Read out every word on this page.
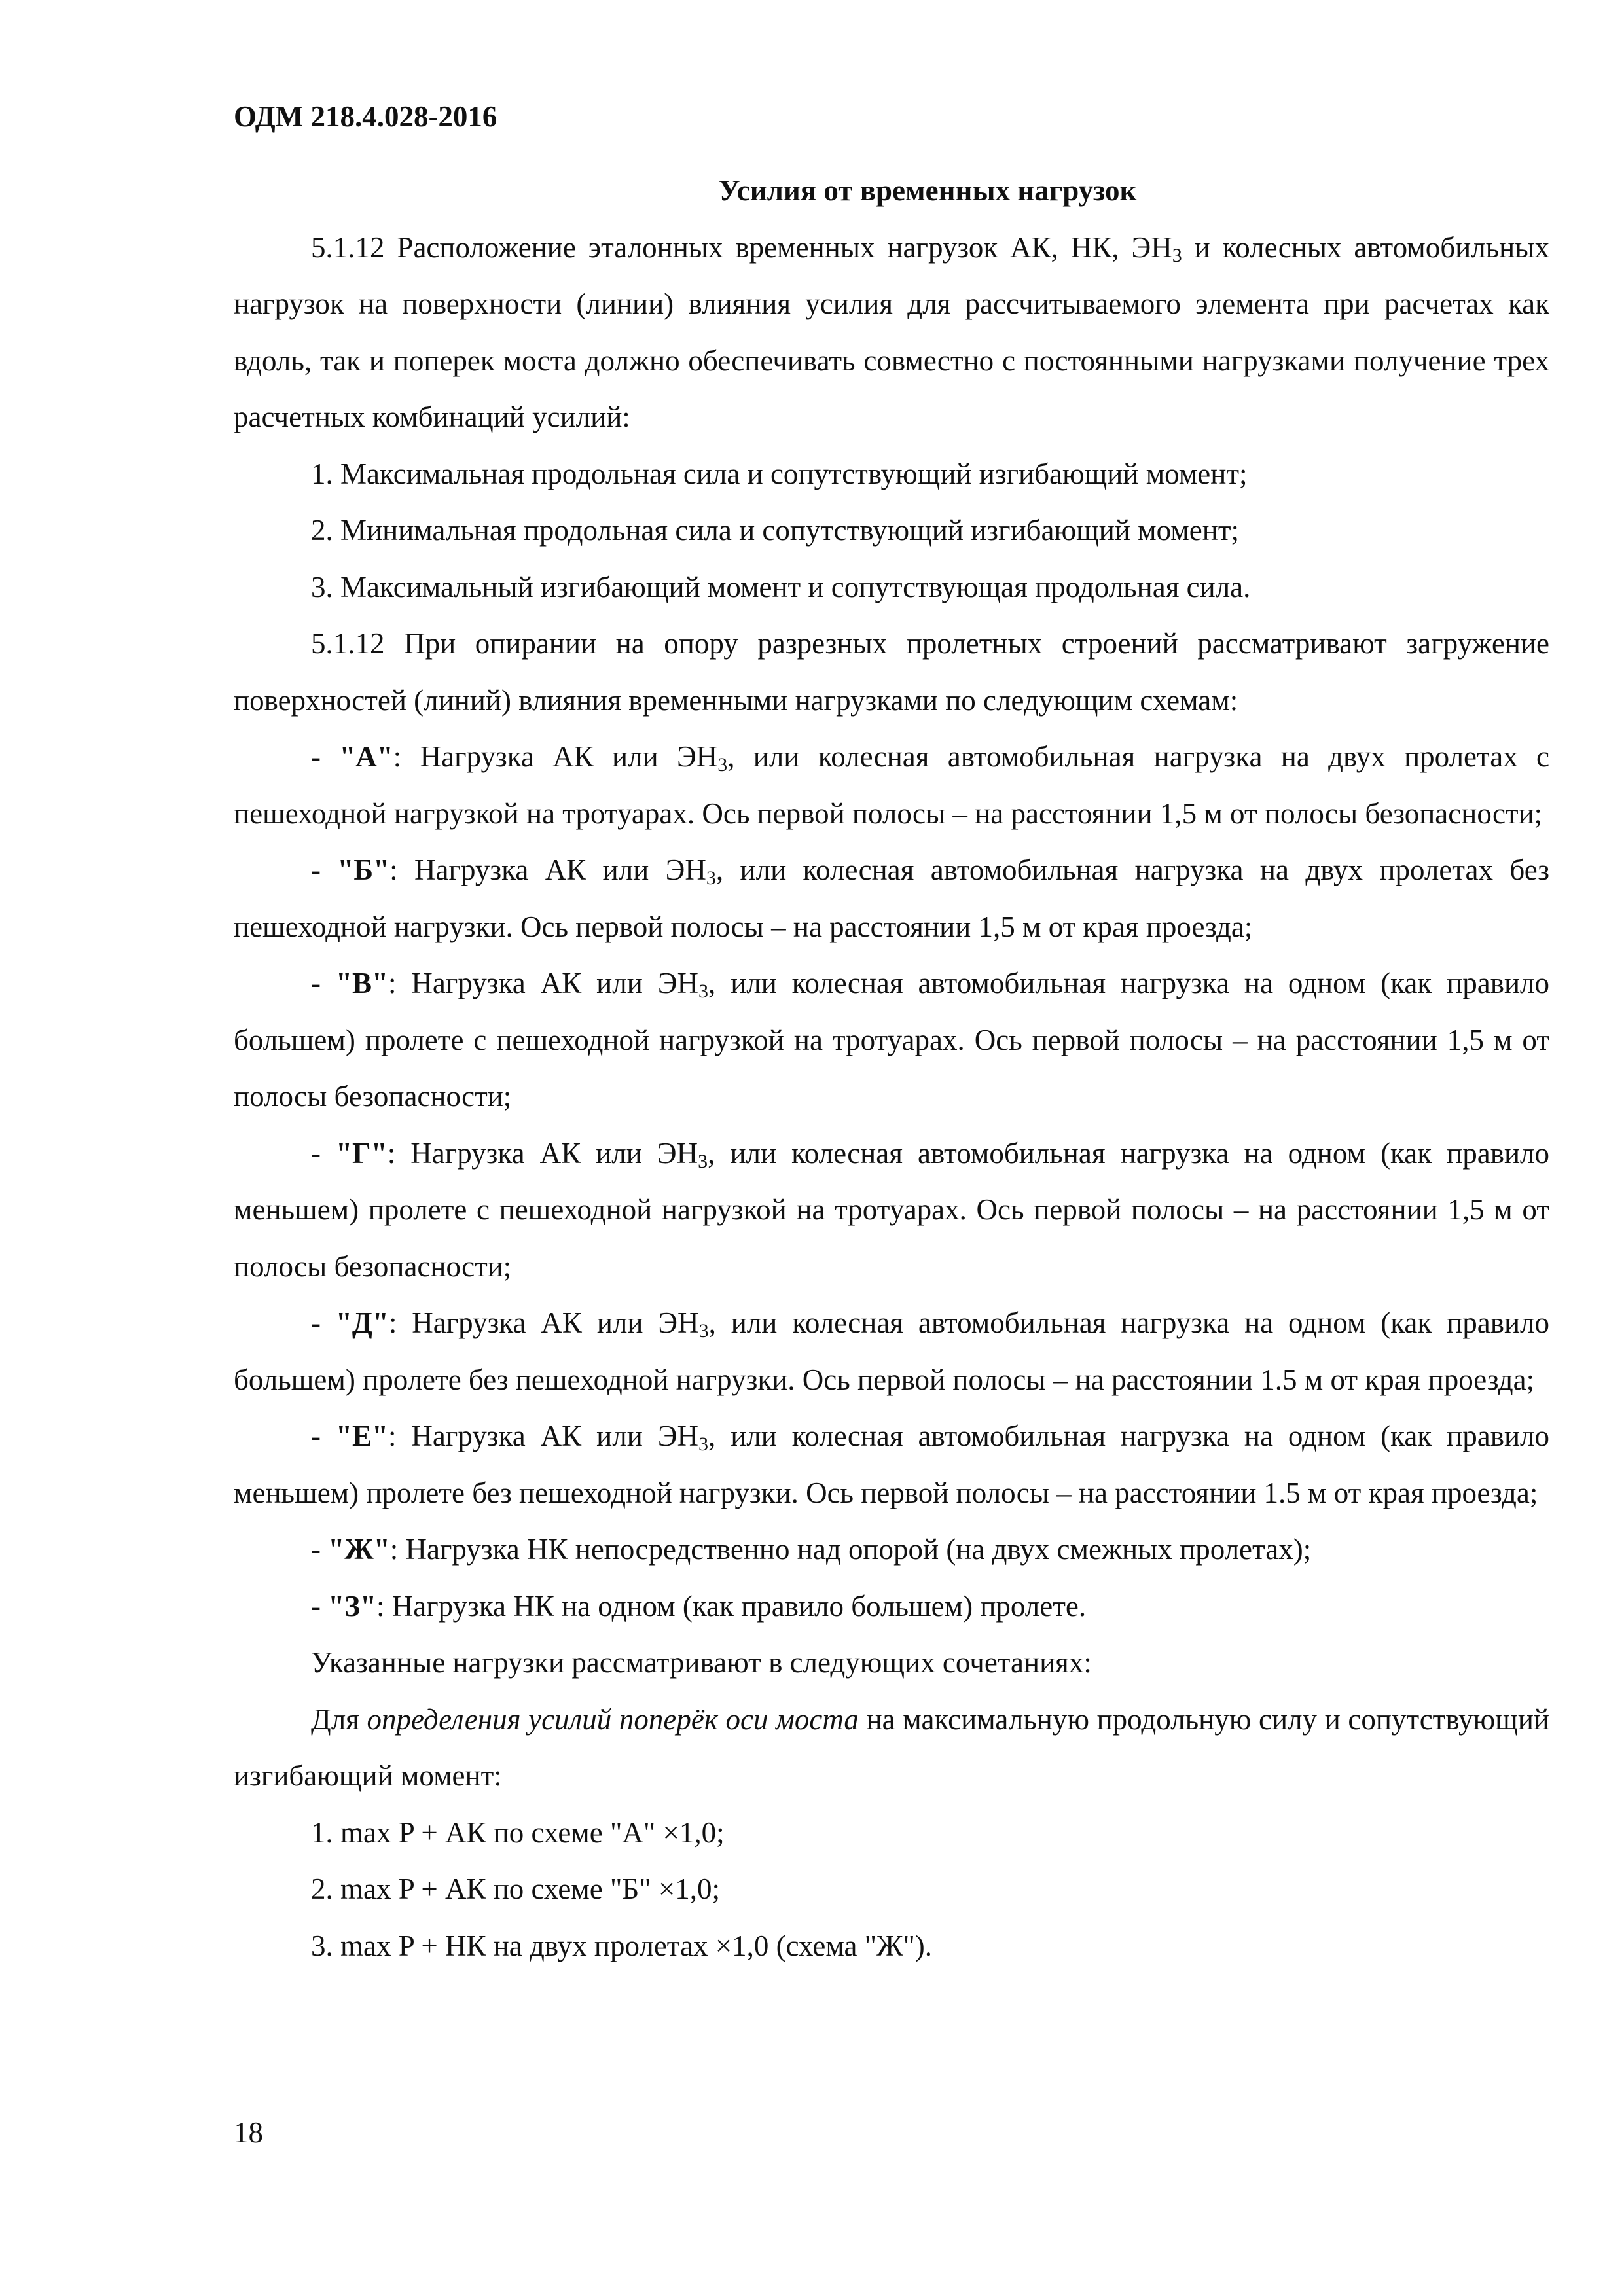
ОДМ 218.4.028-2016

Усилия от временных нагрузок

5.1.12 Расположение эталонных временных нагрузок АК, НК, $ЭН_3$ и колесных автомобильных нагрузок на поверхности (линии) влияния усилия для рассчитываемого элемента при расчетах как вдоль, так и поперек моста должно обеспечивать совместно с постоянными нагрузками получение трех расчетных комбинаций усилий:

1. Максимальная продольная сила и сопутствующий изгибающий момент;

2. Минимальная продольная сила и сопутствующий изгибающий момент;

3. Максимальный изгибающий момент и сопутствующая продольная сила.

5.1.12 При опирании на опору разрезных пролетных строений рассматривают загружение поверхностей (линий) влияния временными нагрузками по следующим схемам:

- "А": Нагрузка АК или $ЭН_3$, или колесная автомобильная нагрузка на двух пролетах с пешеходной нагрузкой на тротуарах. Ось первой полосы – на расстоянии 1,5 м от полосы безопасности;

- "Б": Нагрузка АК или $ЭН_3$, или колесная автомобильная нагрузка на двух пролетах без пешеходной нагрузки. Ось первой полосы – на расстоянии 1,5 м от края проезда;

- "В": Нагрузка АК или $ЭН_3$, или колесная автомобильная нагрузка на одном (как правило большем) пролете с пешеходной нагрузкой на тротуарах. Ось первой полосы – на расстоянии 1,5 м от полосы безопасности;

- "Г": Нагрузка АК или $ЭН_3$, или колесная автомобильная нагрузка на одном (как правило меньшем) пролете с пешеходной нагрузкой на тротуарах. Ось первой полосы – на расстоянии 1,5 м от полосы безопасности;

- "Д": Нагрузка АК или $ЭН_3$, или колесная автомобильная нагрузка на одном (как правило большем) пролете без пешеходной нагрузки. Ось первой полосы – на расстоянии 1.5 м от края проезда;

- "Е": Нагрузка АК или $ЭН_3$, или колесная автомобильная нагрузка на одном (как правило меньшем) пролете без пешеходной нагрузки. Ось первой полосы – на расстоянии 1.5 м от края проезда;

- "Ж": Нагрузка НК непосредственно над опорой (на двух смежных пролетах);

- "З": Нагрузка НК на одном (как правило большем) пролете.

Указанные нагрузки рассматривают в следующих сочетаниях:

Для определения усилий поперёк оси моста на максимальную продольную силу и сопутствующий изгибающий момент:

1. max P + АК по схеме "А" ×1,0;

2. max P + АК по схеме "Б" ×1,0;

3. max P + НК на двух пролетах ×1,0 (схема "Ж").

18
